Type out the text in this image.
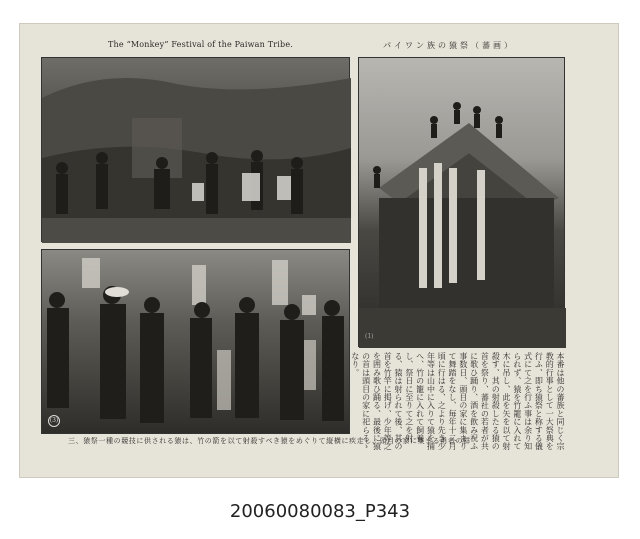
The “Monkey” Festival of the Paiwan Tribe.	パイワン族の猿祭（蕃画）
(3)
(1)
三、猿祭一種の競技に供される猿は、竹の箭を以て射殺すべき猿をめぐりて縦横に疾走し、頭目の家に集まる勇者の群	本番は他の蕃族と同じく宗教的行事として一大祭典を行ふ、即ち猿祭と称する儀式にて之を行ふ事は余り知られず、猿を竹籠に入れて木に吊し、此を矢を以て射殺す、其の射殺したる猿の首を祭り、蕃社の若者が共に歌ひ踊り、酒を飲み祝ふ事数日、頭目の家に集まりて舞踏をなし、毎年十二月頃に行はる、之より先き少年等は山中に入りて猿を捕へ、竹の籠に入れて飼養し、祭日に至りて之を射る、猿は射られて後、其の首を竹竿に掲げ、少年等之を囲み歌ひ踊る、最後に猿の首は頭目の家に祀らるゝなり。
20060080083_P343
